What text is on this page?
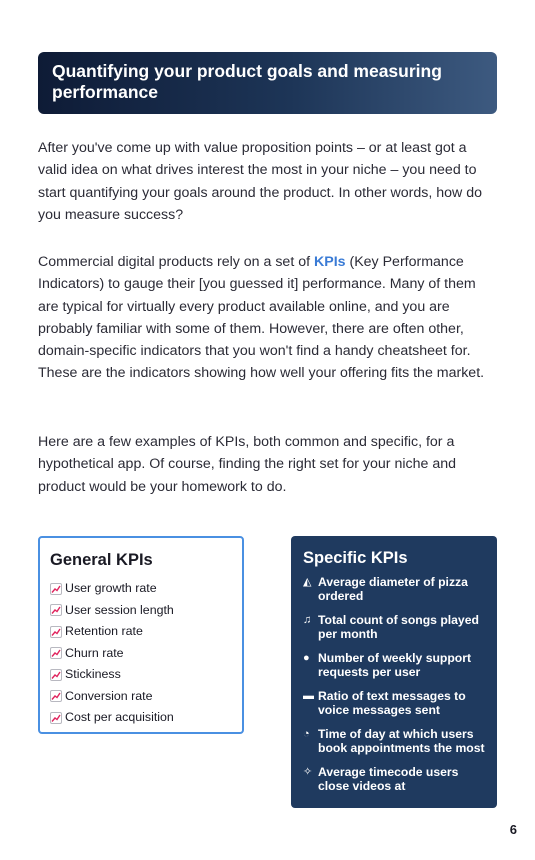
Quantifying your product goals and measuring performance

After you've come up with value proposition points – or at least got a valid idea on what drives interest the most in your niche – you need to start quantifying your goals around the product. In other words, how do you measure success?

Commercial digital products rely on a set of KPIs (Key Performance Indicators) to gauge their [you guessed it] performance. Many of them are typical for virtually every product available online, and you are probably familiar with some of them. However, there are often other, domain-specific indicators that you won't find a handy cheatsheet for. These are the indicators showing how well your offering fits the market.

Here are a few examples of KPIs, both common and specific, for a hypothetical app. Of course, finding the right set for your niche and product would be your homework to do.

General KPIs
User growth rate
User session length
Retention rate
Churn rate
Stickiness
Conversion rate
Cost per acquisition
Specific KPIs
◭ Average diameter of pizza ordered
♫ Total count of songs played per month
● Number of weekly support requests per user
▬ Ratio of text messages to voice messages sent
◔ Time of day at which users book appointments the most
✧ Average timecode users close videos at
6
